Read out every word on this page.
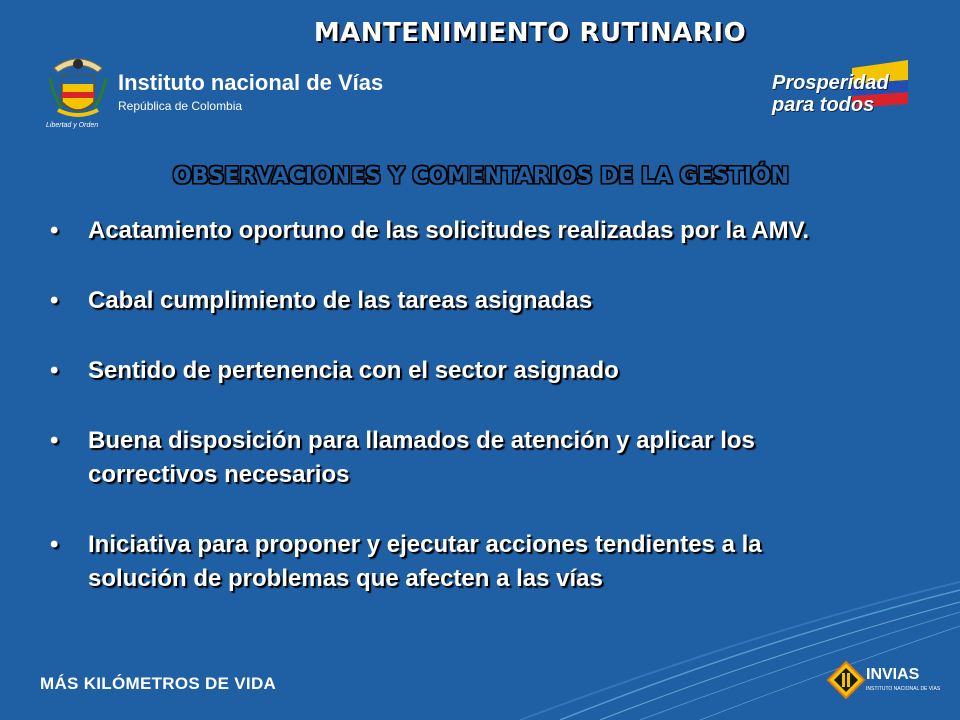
MANTENIMIENTO RUTINARIO
Libertad y Orden
Instituto nacional de Vías
República de Colombia
Prosperidad
para todos
OBSERVACIONES Y COMENTARIOS DE LA GESTIÓN
• Acatamiento oportuno de las solicitudes realizadas por la AMV.
• Cabal cumplimiento de las tareas asignadas
• Sentido de pertenencia con el sector asignado
• Buena disposición para llamados de atención y aplicar los correctivos necesarios
• Iniciativa para proponer y ejecutar acciones tendientes a la solución de problemas que afecten a las vías
MÁS KILÓMETROS DE VIDA	INVIAS
INSTITUTO NACIONAL DE VÍAS
